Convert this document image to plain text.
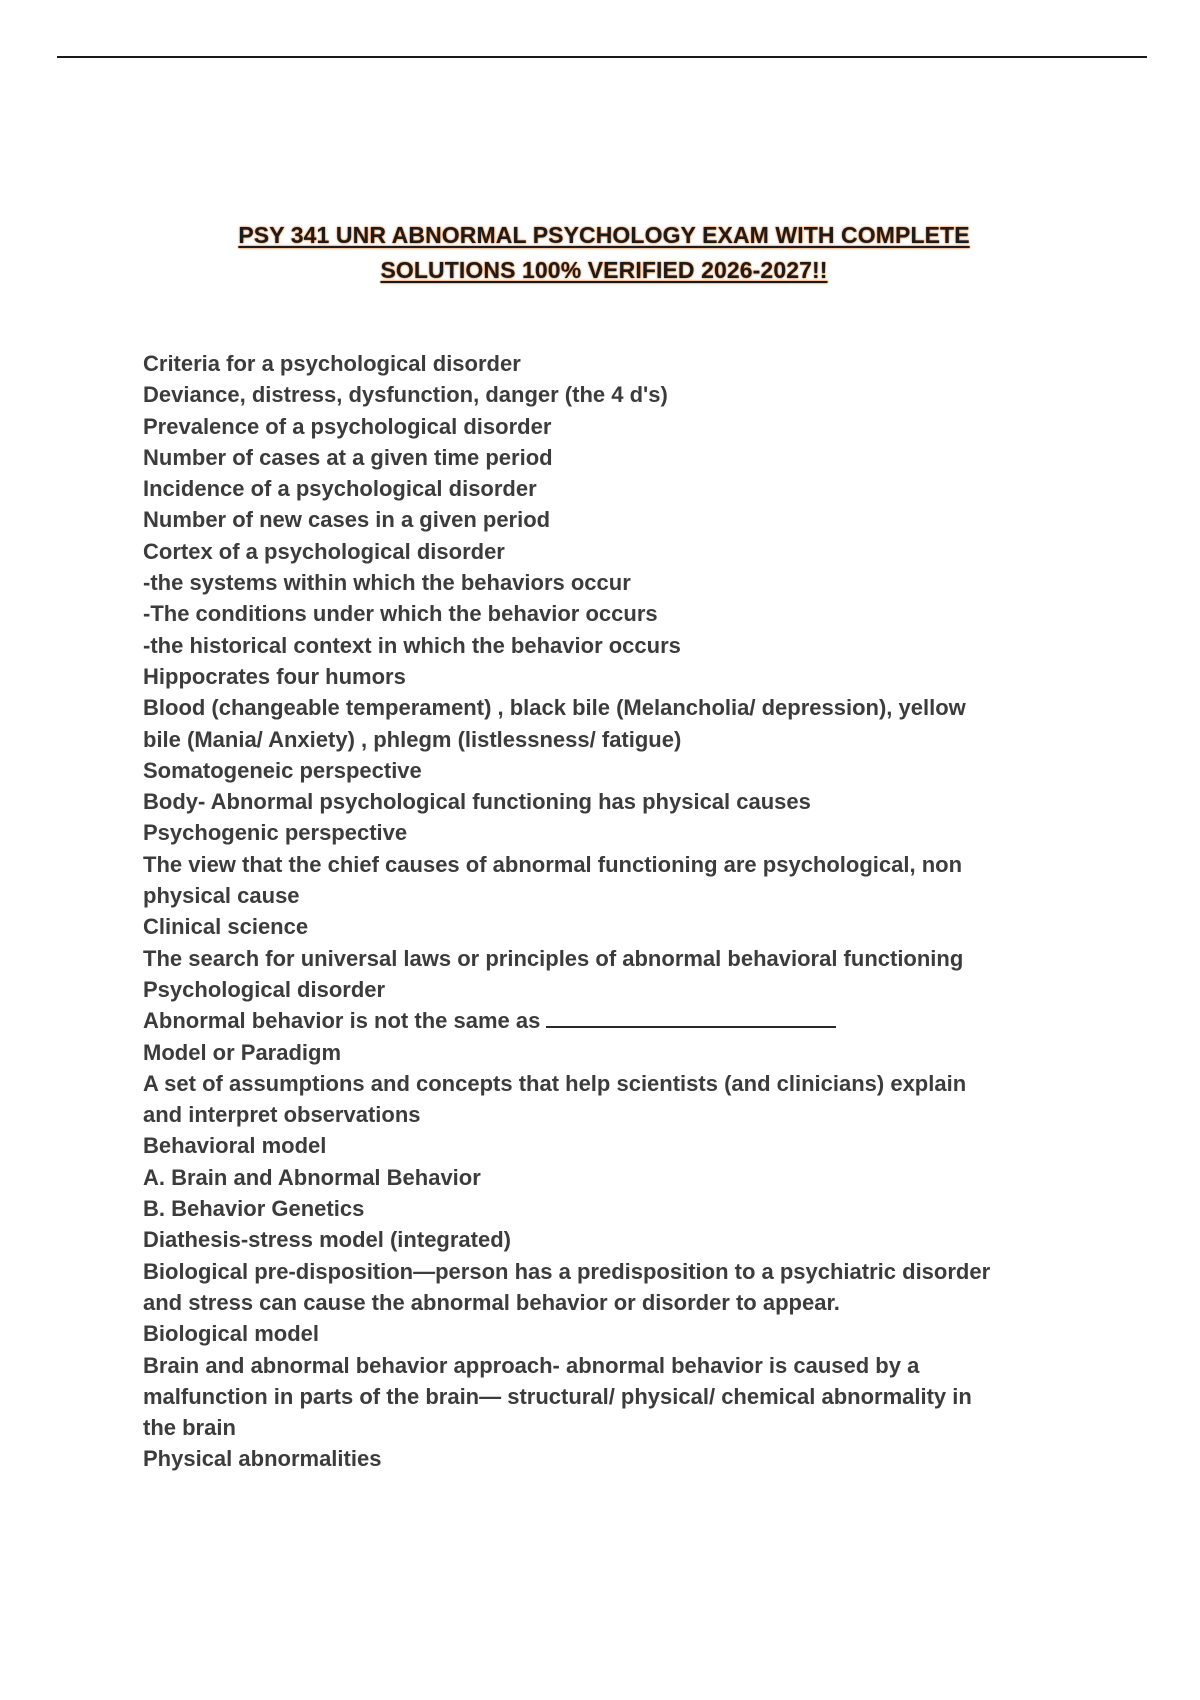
PSY 341 UNR ABNORMAL PSYCHOLOGY EXAM WITH COMPLETE
SOLUTIONS 100% VERIFIED 2026-2027!!
Criteria for a psychological disorder
Deviance, distress, dysfunction, danger (the 4 d's)
Prevalence of a psychological disorder
Number of cases at a given time period
Incidence of a psychological disorder
Number of new cases in a given period
Cortex of a psychological disorder
-the systems within which the behaviors occur
-The conditions under which the behavior occurs
-the historical context in which the behavior occurs
Hippocrates four humors
Blood (changeable temperament) , black bile (Melancholia/ depression), yellow
bile (Mania/ Anxiety) , phlegm (listlessness/ fatigue)
Somatogeneic perspective
Body- Abnormal psychological functioning has physical causes
Psychogenic perspective
The view that the chief causes of abnormal functioning are psychological, non
physical cause
Clinical science
The search for universal laws or principles of abnormal behavioral functioning
Psychological disorder
Abnormal behavior is not the same as
Model or Paradigm
A set of assumptions and concepts that help scientists (and clinicians) explain
and interpret observations
Behavioral model
A. Brain and Abnormal Behavior
B. Behavior Genetics
Diathesis-stress model (integrated)
Biological pre-disposition—person has a predisposition to a psychiatric disorder
and stress can cause the abnormal behavior or disorder to appear.
Biological model
Brain and abnormal behavior approach- abnormal behavior is caused by a
malfunction in parts of the brain— structural/ physical/ chemical abnormality in
the brain
Physical abnormalities
